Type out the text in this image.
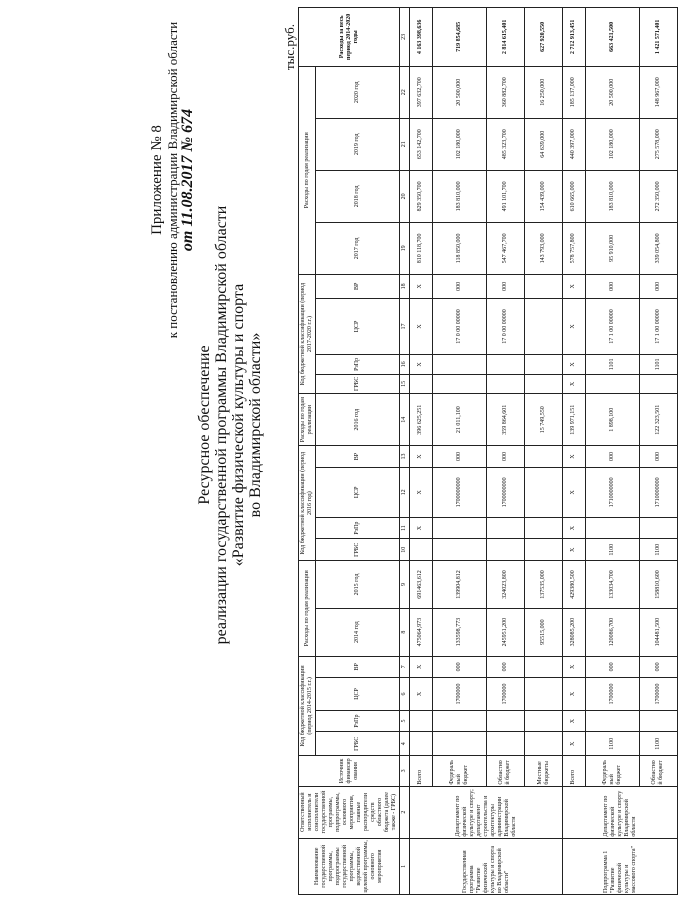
Приложение № 8 к постановлению администрации Владимирской области от 11.08.2017 № 674
Ресурсное обеспечение реализации государственной программы Владимирской области «Развитие физической культуры и спорта во Владимирской области»
тыс.руб.
Наименование государственной программы, подпрограммы государственной программы, ведомственной целевой программы, основного мероприятия	Ответственный исполнитель и соисполнители государственной программы, подпрограммы, основного мероприятия, главные распорядители средств областного бюджета (далее также - ГРБС)	Источник финансирования	Код бюджетной классификации (период 2014-2015 г.г.)				Расходы по годам реализации		Код бюджетной классификации (период 2016 год)				Расходы по годам реализации	Код бюджетной классификации (период 2017-2020 г.г.)				Расходы по годам реализации				Расходы за весь период 2014-2020 годы
			ГРБС	РзПр	ЦСР	ВР	2014 год	2015 год	ГРБС	РзПр	ЦСР	ВР	2016 год	ГРБС	РзПр	ЦСР	ВР	2017 год	2018 год	2019 год	2020 год	

1	2	3	4	5	6	7	8	9	10	11	12	13	14	15	16	17	18	19	20	21	22	23
Государственная программа "Развитие физической культуры и спорта во Владимирской области"	Департамент по физической культуре и спорту; департамент строительства и архитектуры администрации Владимирской области	Всего			X	X	475064,973	691463,612		X	X	X	396 625,251		X	X	X	810 118,700	829 350,700	653 142,700	397 632,700	4 163 398,636
		Федеральный бюджет			1700000	000	133598,773	139904,812			1700000000	000	21 011,100			17 0 00 00000	000	118 850,000	183 810,000	102 180,000	20 500,000	719 854,685
		Областной бюджет			1700000	000	245951,200	324023,800			1700000000	000	359 864,601			17 0 00 00000	000	547 467,700	491 101,700	485 323,700	360 882,700	2 814 615,401
		Местные бюджеты					95515,000	137535,000					15 749,550					143 793,000	154 439,000	64 639,000	16 250,000	627 920,550
Подпрограмма 1 "Развитие физической культуры и массового спорта"	Департамент по физической культуре и спорту Владимирской области	Всего	X	X	X	X	328085,200	429380,500	X	X	X	X	139 971,151	X	X	X	X	578 757,800	610 665,000	440 397,000	185 137,000	2 712 913,451
		Федеральный бюджет	1100		1700000	000	120086,700	133034,700	1100		1710000000	000	1 898,100		1101	17 1 00 00000	000	95 910,000	183 810,000	102 180,000	20 500,000	663 421,500
		Областной бюджет	1100		1700000	000	104481,500	158810,600	1100		1710000000	000	122 323,501		1101	17 1 00 00000	000	339 054,800	272 350,000	275 578,000	148 967,000	1 421 571,401
